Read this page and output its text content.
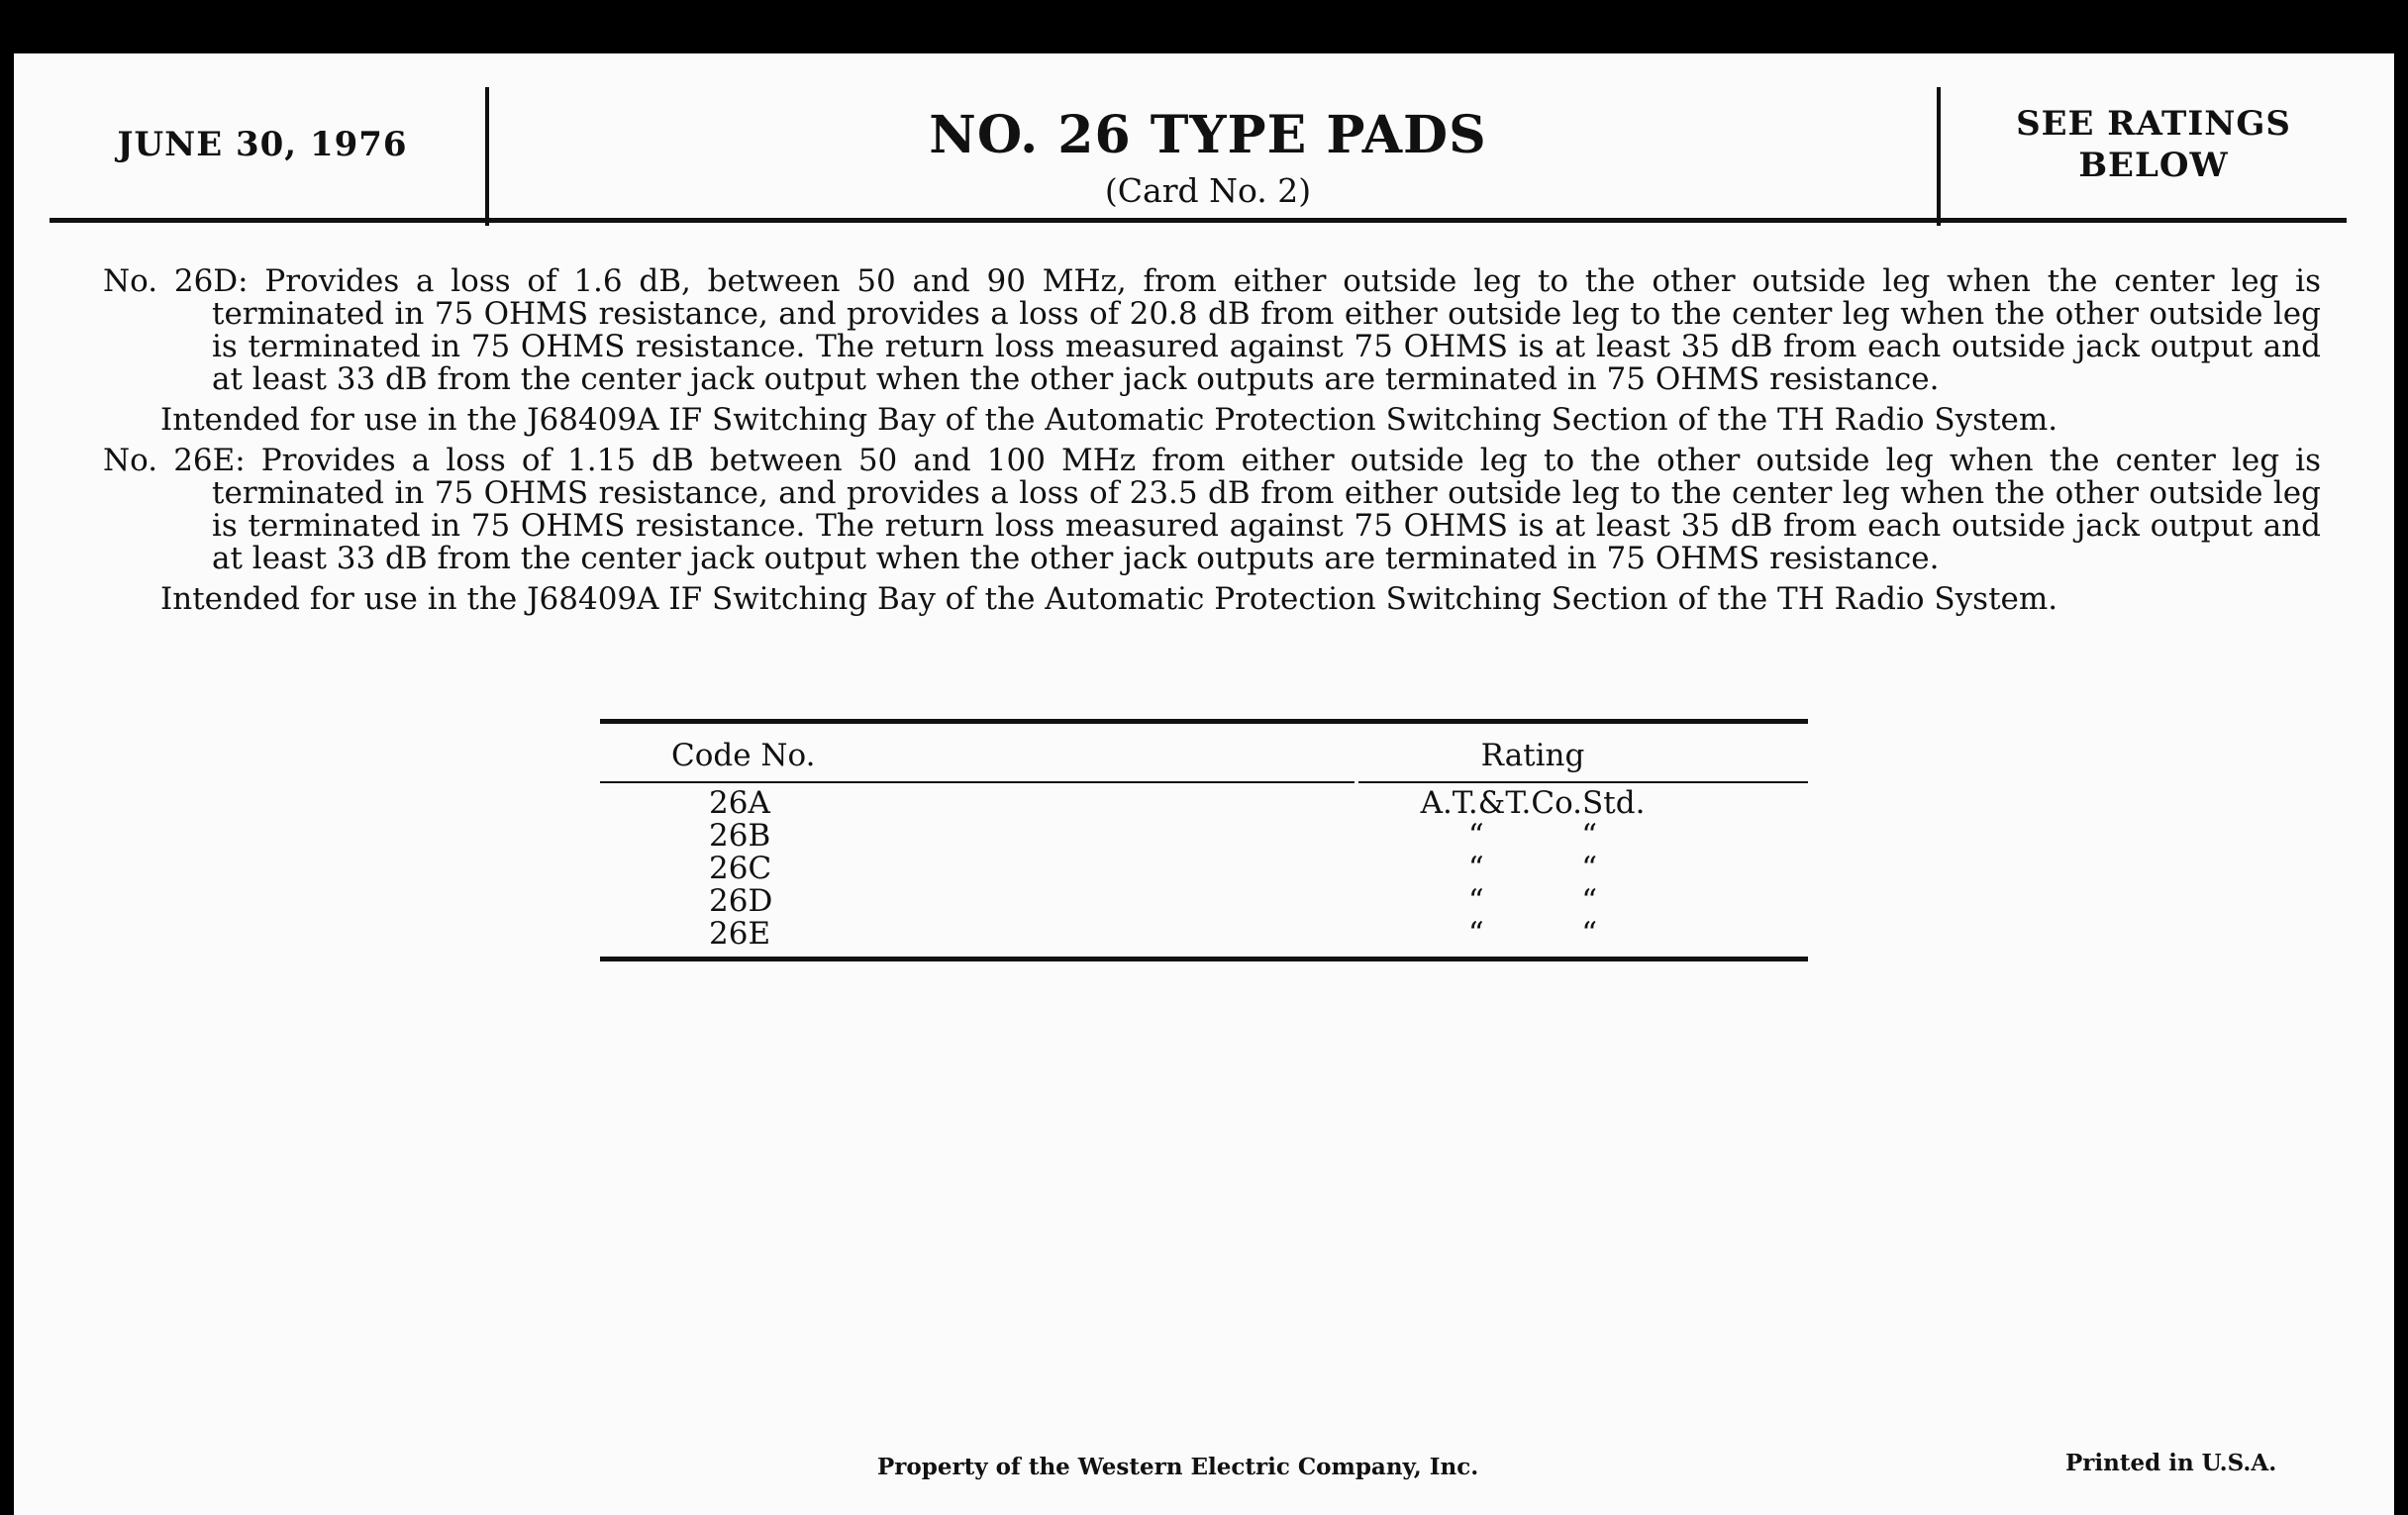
JUNE 30, 1976	NO. 26 TYPE PADS
(Card No. 2)
SEE RATINGS
BELOW
No. 26D: Provides a loss of 1.6 dB, between 50 and 90 MHz, from either outside leg to the other outside leg when the center leg is terminated in 75 OHMS resistance, and provides a loss of 20.8 dB from either outside leg to the center leg when the other outside leg is terminated in 75 OHMS resistance. The return loss measured against 75 OHMS is at least 35 dB from each outside jack output and at least 33 dB from the center jack output when the other jack outputs are terminated in 75 OHMS resistance.
Intended for use in the J68409A IF Switching Bay of the Automatic Protection Switching Section of the TH Radio System.
No. 26E: Provides a loss of 1.15 dB between 50 and 100 MHz from either outside leg to the other outside leg when the center leg is terminated in 75 OHMS resistance, and provides a loss of 23.5 dB from either outside leg to the center leg when the other outside leg is terminated in 75 OHMS resistance. The return loss measured against 75 OHMS is at least 35 dB from each outside jack output and at least 33 dB from the center jack output when the other jack outputs are terminated in 75 OHMS resistance.
Intended for use in the J68409A IF Switching Bay of the Automatic Protection Switching Section of the TH Radio System.
Code No.	Rating
26A	A.T.&T.Co.Std.
26B	“          “
26C	“          “
26D	“          “
26E	“          “
Property of the Western Electric Company, Inc.	Printed in U.S.A.
